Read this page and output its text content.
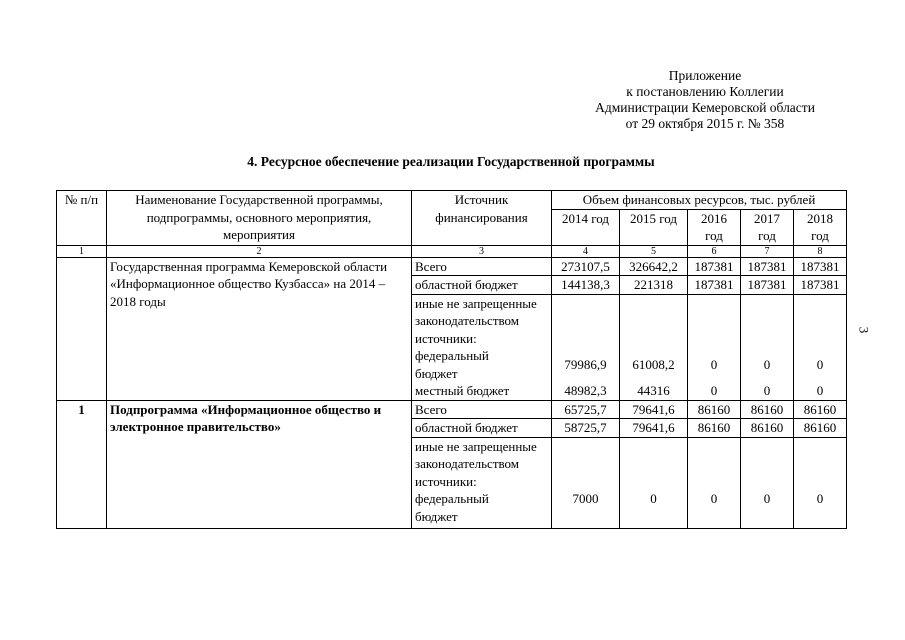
Приложение
к постановлению Коллегии
Администрации Кемеровской области
от 29 октября 2015 г. № 358
4. Ресурсное обеспечение реализации Государственной программы
3
№ п/п	Наименование Государственной программы, подпрограммы, основного мероприятия, мероприятия	Источник финансирования	Объем финансовых ресурсов, тыс. рублей				
			2014 год	2015 год	2016 год	2017 год	2018 год
1	2	3	4	5	6	7	8
	Государственная программа Кемеровской области «Информационное общество Кузбасса» на 2014 – 2018 годы	Всего	273107,5	326642,2	187381	187381	187381
		областной бюджет	144138,3	221318	187381	187381	187381
		иные не запрещенные законодательством источники:					
		федеральный бюджет	79986,9	61008,2	0	0	0
		местный бюджет	48982,3	44316	0	0	0
1	Подпрограмма «Информационное общество и электронное правительство»	Всего	65725,7	79641,6	86160	86160	86160
		областной бюджет	58725,7	79641,6	86160	86160	86160
		иные не запрещенные законодательством источники:					
		федеральный бюджет	7000	0	0	0	0
